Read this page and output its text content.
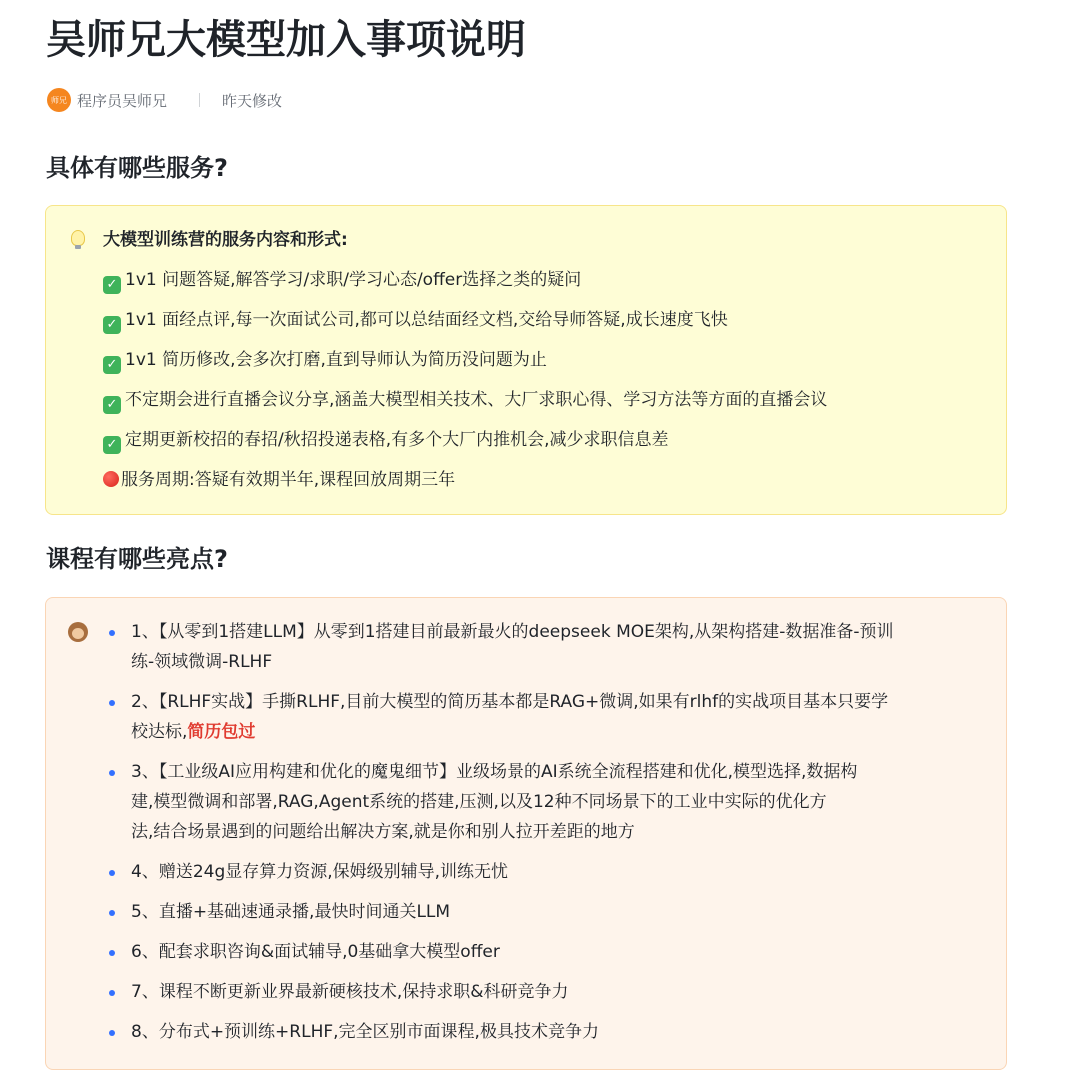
吴师兄大模型加入事项说明
师兄 程序员吴师兄	昨天修改
具体有哪些服务?
大模型训练营的服务内容和形式:
✓ 1v1 问题答疑,解答学习/求职/学习心态/offer选择之类的疑问
✓ 1v1 面经点评,每一次面试公司,都可以总结面经文档,交给导师答疑,成长速度飞快
✓ 1v1 简历修改,会多次打磨,直到导师认为简历没问题为止
✓ 不定期会进行直播会议分享,涵盖大模型相关技术、大厂求职心得、学习方法等方面的直播会议
✓ 定期更新校招的春招/秋招投递表格,有多个大厂内推机会,减少求职信息差
服务周期:答疑有效期半年,课程回放周期三年
课程有哪些亮点?
1、【从零到1搭建LLM】从零到1搭建目前最新最火的deepseek MOE架构,从架构搭建-数据准备-预训
练-领域微调-RLHF
2、【RLHF实战】手撕RLHF,目前大模型的简历基本都是RAG+微调,如果有rlhf的实战项目基本只要学
校达标,简历包过
3、【工业级AI应用构建和优化的魔鬼细节】业级场景的AI系统全流程搭建和优化,模型选择,数据构
建,模型微调和部署,RAG,Agent系统的搭建,压测,以及12种不同场景下的工业中实际的优化方
法,结合场景遇到的问题给出解决方案,就是你和别人拉开差距的地方
4、赠送24g显存算力资源,保姆级别辅导,训练无忧
5、直播+基础速通录播,最快时间通关LLM
6、配套求职咨询&面试辅导,0基础拿大模型offer
7、课程不断更新业界最新硬核技术,保持求职&科研竞争力
8、分布式+预训练+RLHF,完全区别市面课程,极具技术竞争力
